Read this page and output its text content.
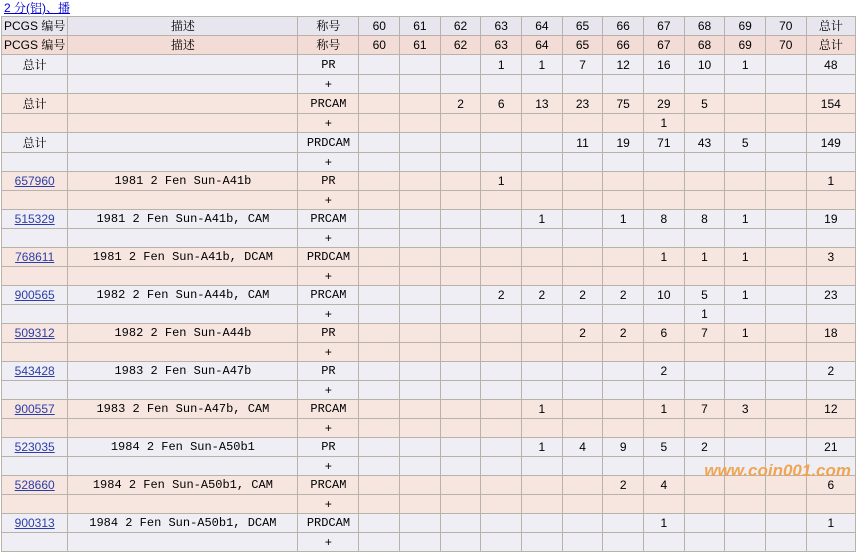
2 分(铝)、播
PCGS 编号	描述	称号	60	61	62	63	64	65	66	67	68	69	70	总计
PCGS 编号	描述	称号	60	61	62	63	64	65	66	67	68	69	70	总计
总计		PR				1	1	7	12	16	10	1		48
		+												
总计		PRCAM			2	6	13	23	75	29	5			154
		+								1				
总计		PRDCAM						11	19	71	43	5		149
		+												
657960	1981 2 Fen Sun-A41b	PR				1								1
		+												
515329	1981 2 Fen Sun-A41b, CAM	PRCAM					1		1	8	8	1		19
		+												
768611	1981 2 Fen Sun-A41b, DCAM	PRDCAM								1	1	1		3
		+												
900565	1982 2 Fen Sun-A44b, CAM	PRCAM				2	2	2	2	10	5	1		23
		+									1			
509312	1982 2 Fen Sun-A44b	PR						2	2	6	7	1		18
		+												
543428	1983 2 Fen Sun-A47b	PR								2				2
		+												
900557	1983 2 Fen Sun-A47b, CAM	PRCAM					1			1	7	3		12
		+												
523035	1984 2 Fen Sun-A50b1	PR					1	4	9	5	2			21
		+												
528660	1984 2 Fen Sun-A50b1, CAM	PRCAM							2	4				6
		+												
900313	1984 2 Fen Sun-A50b1, DCAM	PRDCAM								1				1
		+												
www.coin001.com
